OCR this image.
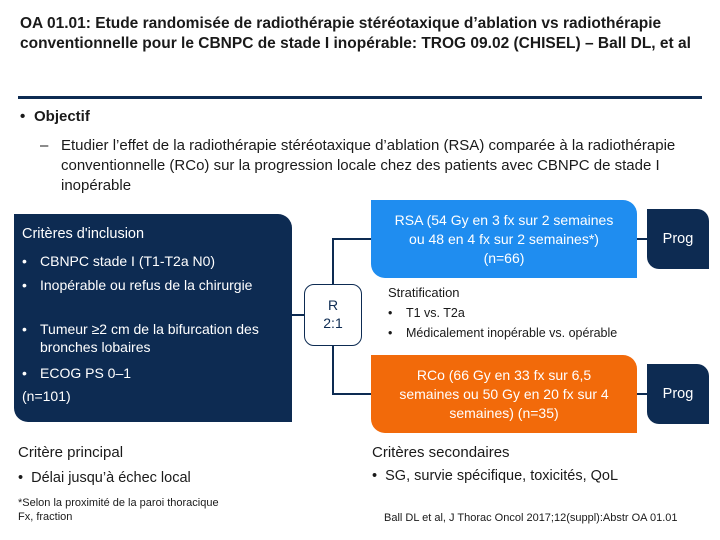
OA 01.01: Etude randomisée de radiothérapie stéréotaxique d’ablation vs radiothérapie conventionnelle pour le CBNPC de stade I inopérable: TROG 09.02 (CHISEL) – Ball DL, et al
• Objectif
– Etudier l’effet de la radiothérapie stéréotaxique d’ablation (RSA) comparée à la radiothérapie conventionnelle (RCo) sur la progression locale chez des patients avec CBNPC de stade I inopérable
Critères d'inclusion
• CBNPC stade I (T1-T2a N0)
• Inopérable ou refus de la chirurgie
• Tumeur ≥2 cm de la bifurcation des bronches lobaires
• ECOG PS 0–1
(n=101)
R
2:1
RSA (54 Gy en 3 fx sur 2 semaines ou 48 en 4 fx sur 2 semaines*) (n=66)
Prog
Stratification
• T1 vs. T2a
• Médicalement inopérable vs. opérable
RCo (66 Gy en 33 fx sur 6,5 semaines ou 50 Gy en 20 fx sur 4 semaines) (n=35)
Prog
Critère principal
•  Délai jusqu’à échec local
Critères secondaires
•  SG, survie spécifique, toxicités, QoL
*Selon la proximité de la paroi thoracique
Fx, fraction	Ball DL et al, J Thorac Oncol 2017;12(suppl):Abstr OA 01.01
